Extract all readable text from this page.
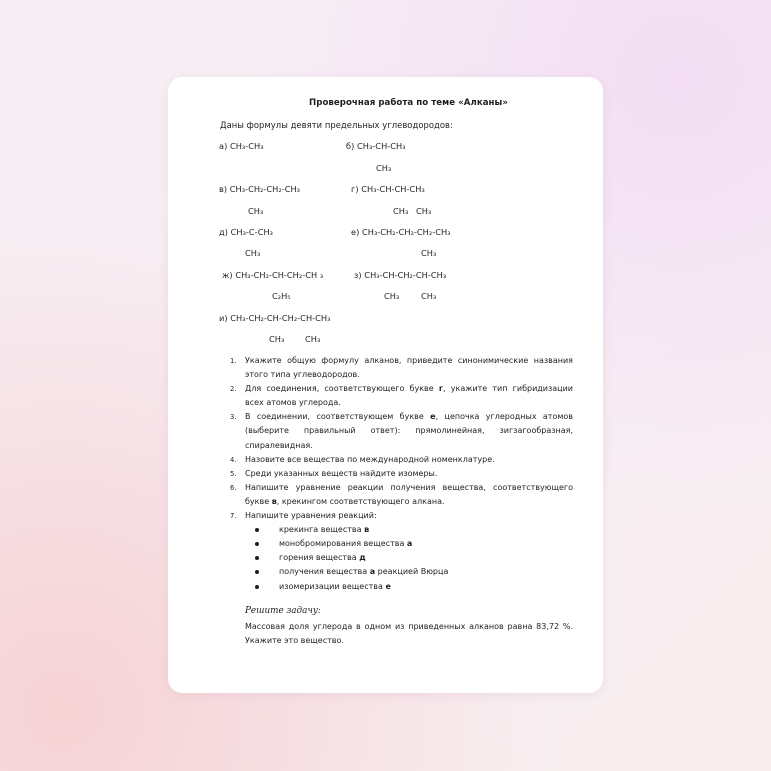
Проверочная работа по теме «Алканы»
Даны формулы девяти предельных углеводородов:
а) CH₃-CH₃	б) CH₃-CH-CH₃
CH₃
в) CH₃-CH₂-CH₂-CH₃
CH₃
г) CH₃-CH-CH-CH₃
CH₃ CH₃
д) CH₃-C-CH₃
CH₃
е) CH₃-CH₂-CH₂-CH₂-CH₃
CH₃
ж) CH₃-CH₂-CH-CH₂-CH ₃
C₂H₅
з) CH₃-CH-CH₂-CH-CH₃
CH₃	CH₃
и) CH₃-CH₂-CH-CH₂-CH-CH₃
CH₃	CH₃
1. Укажите общую формулу алканов, приведите синонимические названия этого типа углеводородов.
2. Для соединения, соответствующего букве г, укажите тип гибридизации всех атомов углерода.
3. В соединении, соответствующем букве е, цепочка углеродных атомов (выберите правильный ответ): прямолинейная, зигзагообразная, спиралевидная.
4. Назовите все вещества по международной номенклатуре.
5. Среди указанных веществ найдите изомеры.
6. Напишите уравнение реакции получения вещества, соответствующего букве в, крекингом соответствующего алкана.
7. Напишите уравнения реакций:
крекинга вещества в
монобромирования вещества а
горения вещества д
получения вещества а реакцией Вюрца
изомеризации вещества е
Решите задачу:
Массовая доля углерода в одном из приведенных алканов равна 83,72 %. Укажите это вещество.
